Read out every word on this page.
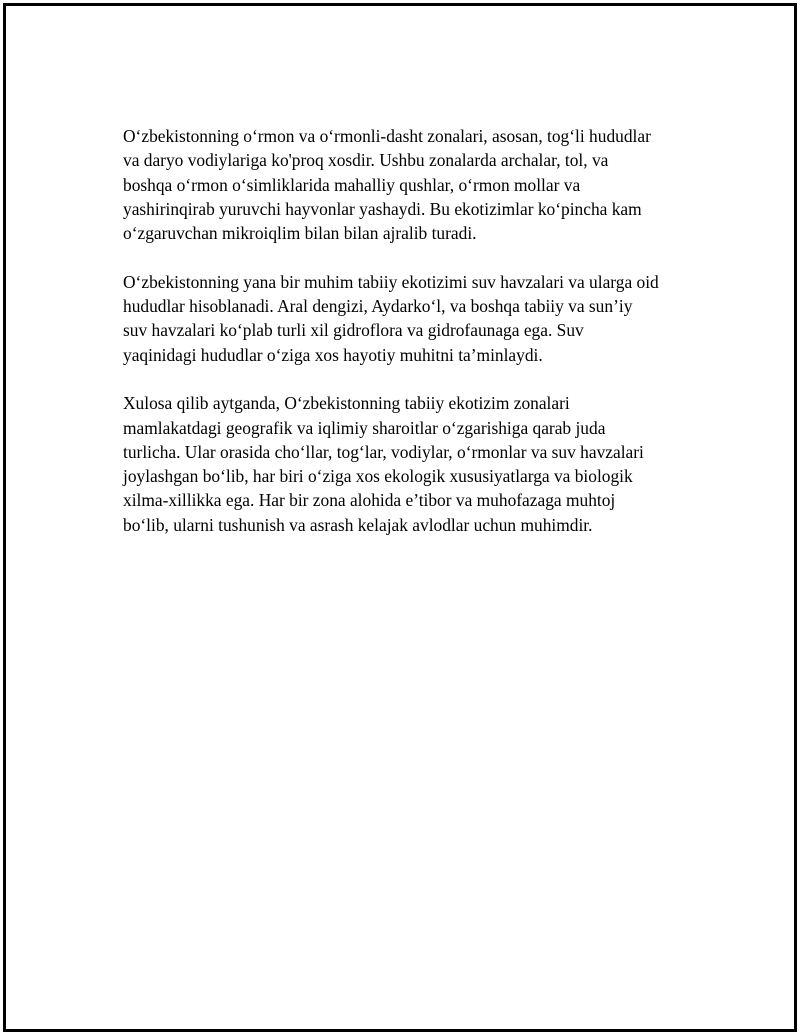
O‘zbekistonning o‘rmon va o‘rmonli-dasht zonalari, asosan, tog‘li hududlar
va daryo vodiylariga ko'proq xosdir. Ushbu zonalarda archalar, tol, va
boshqa o‘rmon o‘simliklarida mahalliy qushlar, o‘rmon mollar va
yashirinqirab yuruvchi hayvonlar yashaydi. Bu ekotizimlar ko‘pincha kam
o‘zgaruvchan mikroiqlim bilan bilan ajralib turadi.

O‘zbekistonning yana bir muhim tabiiy ekotizimi suv havzalari va ularga oid
hududlar hisoblanadi. Aral dengizi, Aydarko‘l, va boshqa tabiiy va sun’iy
suv havzalari ko‘plab turli xil gidroflora va gidrofaunaga ega. Suv
yaqinidagi hududlar o‘ziga xos hayotiy muhitni ta’minlaydi.

Xulosa qilib aytganda, O‘zbekistonning tabiiy ekotizim zonalari
mamlakatdagi geografik va iqlimiy sharoitlar o‘zgarishiga qarab juda
turlicha. Ular orasida cho‘llar, tog‘lar, vodiylar, o‘rmonlar va suv havzalari
joylashgan bo‘lib, har biri o‘ziga xos ekologik xususiyatlarga va biologik
xilma-xillikka ega. Har bir zona alohida e’tibor va muhofazaga muhtoj
bo‘lib, ularni tushunish va asrash kelajak avlodlar uchun muhimdir.
